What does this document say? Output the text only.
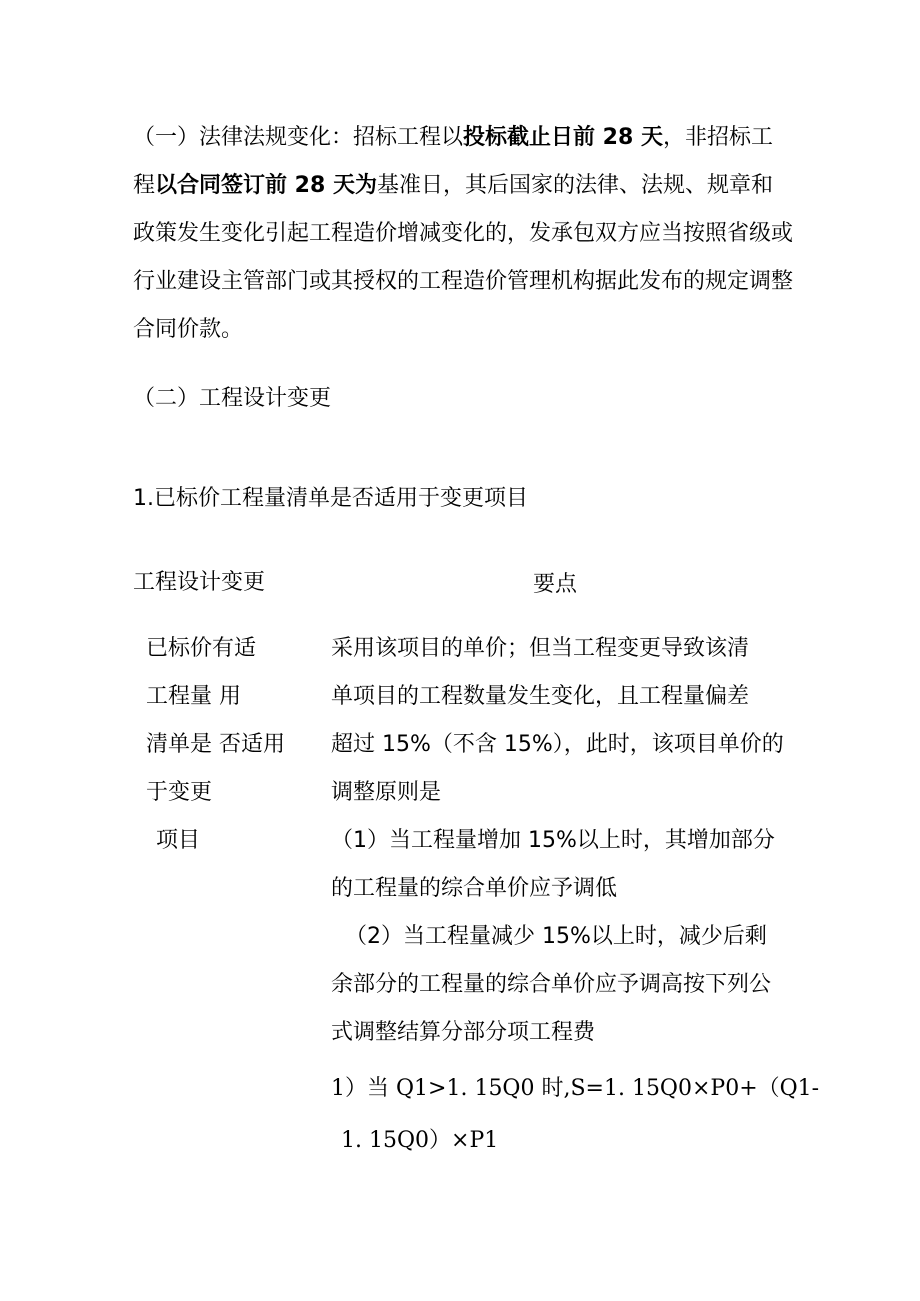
（一）法律法规变化：招标工程以投标截止日前 28 天，非招标工程以合同签订前 28 天为基准日，其后国家的法律、法规、规章和政策发生变化引起工程造价增减变化的，发承包双方应当按照省级或行业建设主管部门或其授权的工程造价管理机构据此发布的规定调整合同价款。

（二）工程设计变更
1.已标价工程量清单是否适用于变更项目
工程设计变更	要点
已标价有适
工程量 用
清单是 否适用
于变更
项目
采用该项目的单价；但当工程变更导致该清
单项目的工程数量发生变化，且工程量偏差
超过 15%（不含 15%），此时，该项目单价的
调整原则是
（1）当工程量增加 15%以上时，其增加部分
的工程量的综合单价应予调低
（2）当工程量减少 15%以上时，减少后剩
余部分的工程量的综合单价应予调高按下列公
式调整结算分部分项工程费
1）当 Q1>1. 15Q0 时,S=1. 15Q0×P0+（Q1-
1. 15Q0）×P1
